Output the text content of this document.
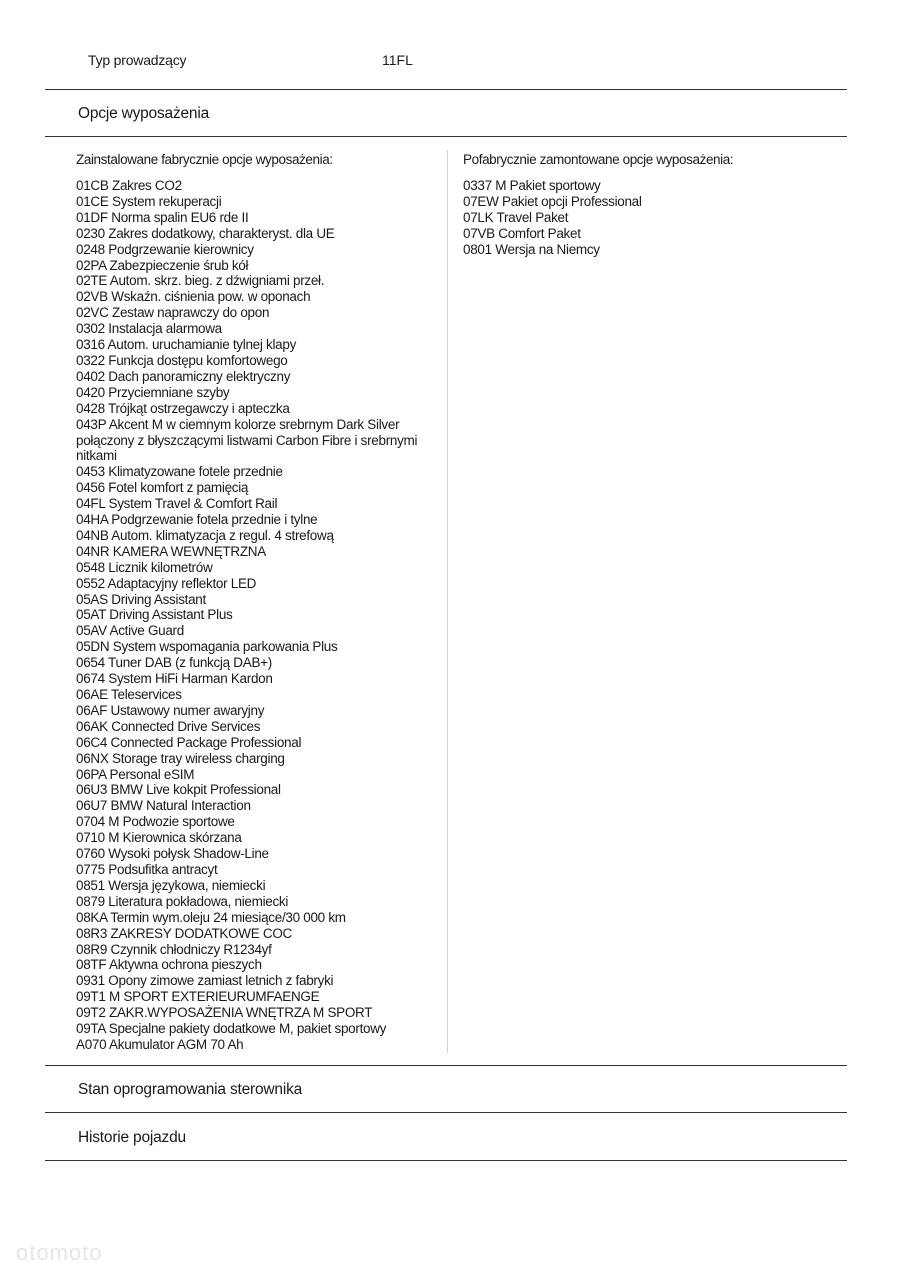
Typ prowadzący	11FL
Opcje wyposażenia
Zainstalowane fabrycznie opcje wyposażenia:	Pofabrycznie zamontowane opcje wyposażenia:
01CB Zakres CO2
01CE System rekuperacji
01DF Norma spalin EU6 rde II
0230 Zakres dodatkowy, charakteryst. dla UE
0248 Podgrzewanie kierownicy
02PA Zabezpieczenie śrub kół
02TE Autom. skrz. bieg. z dźwigniami przeł.
02VB Wskaźn. ciśnienia pow. w oponach
02VC Zestaw naprawczy do opon
0302 Instalacja alarmowa
0316 Autom. uruchamianie tylnej klapy
0322 Funkcja dostępu komfortowego
0402 Dach panoramiczny elektryczny
0420 Przyciemniane szyby
0428 Trójkąt ostrzegawczy i apteczka
043P Akcent M w ciemnym kolorze srebrnym Dark Silver połączony z błyszczącymi listwami Carbon Fibre i srebrnymi nitkami
0453 Klimatyzowane fotele przednie
0456 Fotel komfort z pamięcią
04FL System Travel & Comfort Rail
04HA Podgrzewanie fotela przednie i tylne
04NB Autom. klimatyzacja z regul. 4 strefową
04NR KAMERA WEWNĘTRZNA
0548 Licznik kilometrów
0552 Adaptacyjny reflektor LED
05AS Driving Assistant
05AT Driving Assistant Plus
05AV Active Guard
05DN System wspomagania parkowania Plus
0654 Tuner DAB (z funkcją DAB+)
0674 System HiFi Harman Kardon
06AE Teleservices
06AF Ustawowy numer awaryjny
06AK Connected Drive Services
06C4 Connected Package Professional
06NX Storage tray wireless charging
06PA Personal eSIM
06U3 BMW Live kokpit Professional
06U7 BMW Natural Interaction
0704 M Podwozie sportowe
0710 M Kierownica skórzana
0760 Wysoki połysk Shadow-Line
0775 Podsufitka antracyt
0851 Wersja językowa, niemiecki
0879 Literatura pokładowa, niemiecki
08KA Termin wym.oleju 24 miesiące/30 000 km
08R3 ZAKRESY DODATKOWE COC
08R9 Czynnik chłodniczy R1234yf
08TF Aktywna ochrona pieszych
0931 Opony zimowe zamiast letnich z fabryki
09T1 M SPORT EXTERIEURUMFAENGE
09T2 ZAKR.WYPOSAŻENIA WNĘTRZA M SPORT
09TA Specjalne pakiety dodatkowe M, pakiet sportowy
A070 Akumulator AGM 70 Ah
0337 M Pakiet sportowy
07EW Pakiet opcji Professional
07LK Travel Paket
07VB Comfort Paket
0801 Wersja na Niemcy
Stan oprogramowania sterownika
Historie pojazdu
otomoto
